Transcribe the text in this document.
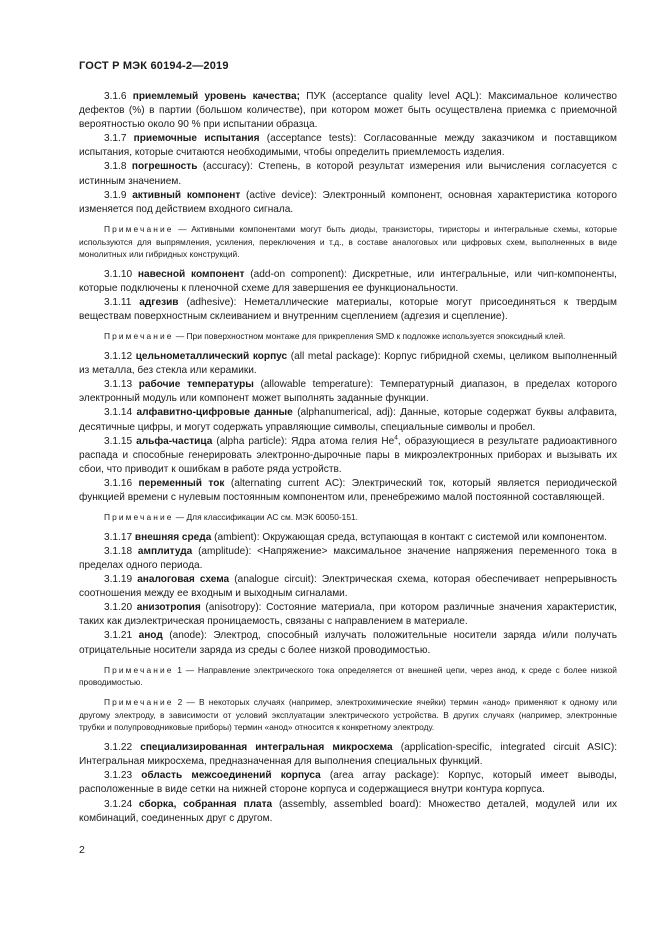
ГОСТ Р МЭК 60194-2—2019

3.1.6 приемлемый уровень качества; ПУК (acceptance quality level AQL): Максимальное количество дефектов (%) в партии (большом количестве), при котором может быть осуществлена приемка с приемочной вероятностью около 90 % при испытании образца.

3.1.7 приемочные испытания (acceptance tests): Согласованные между заказчиком и поставщиком испытания, которые считаются необходимыми, чтобы определить приемлемость изделия.

3.1.8 погрешность (accuracy): Степень, в которой результат измерения или вычисления согласуется с истинным значением.

3.1.9 активный компонент (active device): Электронный компонент, основная характеристика которого изменяется под действием входного сигнала.

Примечание — Активными компонентами могут быть диоды, транзисторы, тиристоры и интегральные схемы, которые используются для выпрямления, усиления, переключения и т.д., в составе аналоговых или цифровых схем, выполненных в виде монолитных или гибридных конструкций.

3.1.10 навесной компонент (add-on component): Дискретные, или интегральные, или чип-компоненты, которые подключены к пленочной схеме для завершения ее функциональности.

3.1.11 адгезив (adhesive): Неметаллические материалы, которые могут присоединяться к твердым веществам поверхностным склеиванием и внутренним сцеплением (адгезия и сцепление).

Примечание — При поверхностном монтаже для прикрепления SMD к подложке используется эпоксидный клей.

3.1.12 цельнометаллический корпус (all metal package): Корпус гибридной схемы, целиком выполненный из металла, без стекла или керамики.

3.1.13 рабочие температуры (allowable temperature): Температурный диапазон, в пределах которого электронный модуль или компонент может выполнять заданные функции.

3.1.14 алфавитно-цифровые данные (alphanumerical, adj): Данные, которые содержат буквы алфавита, десятичные цифры, и могут содержать управляющие символы, специальные символы и пробел.

3.1.15 альфа-частица (alpha particle): Ядра атома гелия He$^4$, образующиеся в результате радиоактивного распада и способные генерировать электронно-дырочные пары в микроэлектронных приборах и вызывать их сбои, что приводит к ошибкам в работе ряда устройств.

3.1.16 переменный ток (alternating current AC): Электрический ток, который является периодической функцией времени с нулевым постоянным компонентом или, пренебрежимо малой постоянной составляющей.

Примечание — Для классификации AC см. МЭК 60050-151.

3.1.17 внешняя среда (ambient): Окружающая среда, вступающая в контакт с системой или компонентом.

3.1.18 амплитуда (amplitude): <Напряжение> максимальное значение напряжения переменного тока в пределах одного периода.

3.1.19 аналоговая схема (analogue circuit): Электрическая схема, которая обеспечивает непрерывность соотношения между ее входным и выходным сигналами.

3.1.20 анизотропия (anisotropy): Состояние материала, при котором различные значения характеристик, таких как диэлектрическая проницаемость, связаны с направлением в материале.

3.1.21 анод (anode): Электрод, способный излучать положительные носители заряда и/или получать отрицательные носители заряда из среды с более низкой проводимостью.

Примечание 1 — Направление электрического тока определяется от внешней цепи, через анод, к среде с более низкой проводимостью.

Примечание 2 — В некоторых случаях (например, электрохимические ячейки) термин «анод» применяют к одному или другому электроду, в зависимости от условий эксплуатации электрического устройства. В других случаях (например, электронные трубки и полупроводниковые приборы) термин «анод» относится к конкретному электроду.

3.1.22 специализированная интегральная микросхема (application-specific, integrated circuit ASIC): Интегральная микросхема, предназначенная для выполнения специальных функций.

3.1.23 область межсоединений корпуса (area array package): Корпус, который имеет выводы, расположенные в виде сетки на нижней стороне корпуса и содержащиеся внутри контура корпуса.

3.1.24 сборка, собранная плата (assembly, assembled board): Множество деталей, модулей или их комбинаций, соединенных друг с другом.

2
